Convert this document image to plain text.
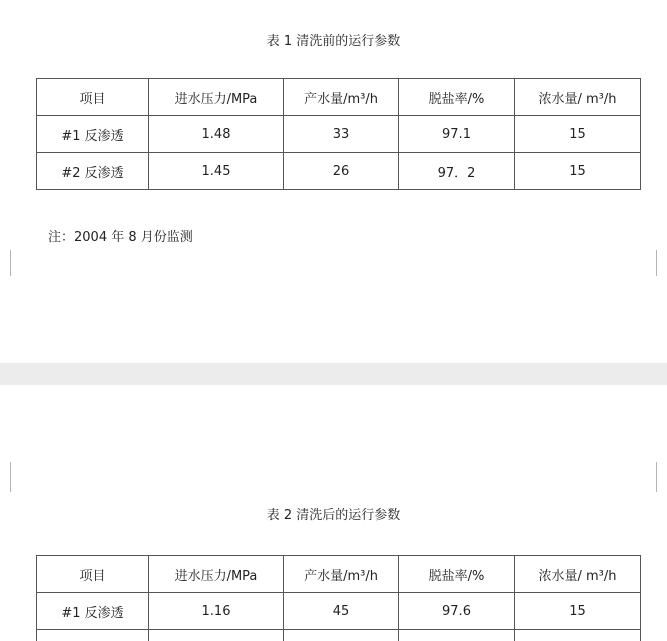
表 1 清洗前的运行参数
项目	进水压力/MPa	产水量/m³/h	脱盐率/%	浓水量/ m³/h
#1 反渗透	1.48	33	97.1	15
#2 反渗透	1.45	26	97．2	15
注：2004 年 8 月份监测
表 2 清洗后的运行参数
项目	进水压力/MPa	产水量/m³/h	脱盐率/%	浓水量/ m³/h
#1 反渗透	1.16	45	97.6	15
